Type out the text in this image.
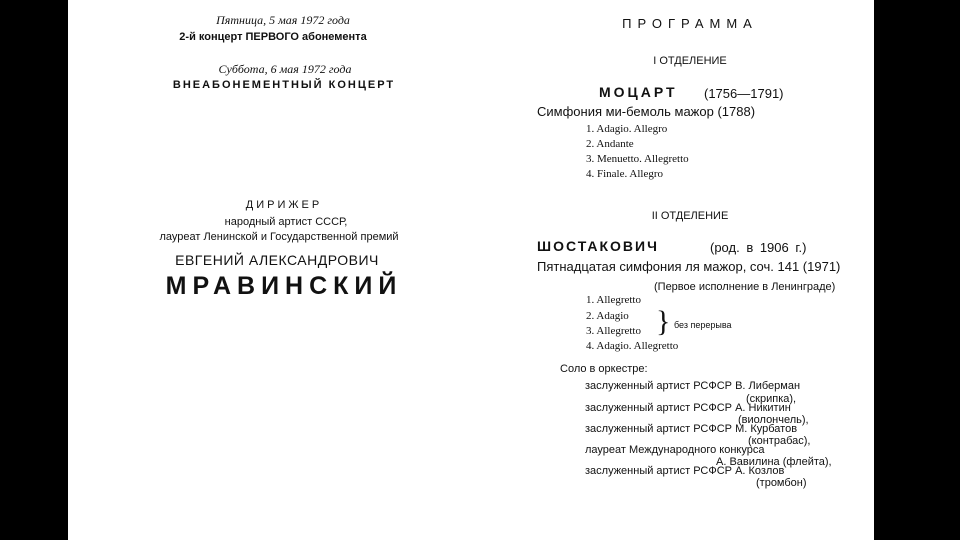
Пятница, 5 мая 1972 года
2-й концерт ПЕРВОГО абонемента
Суббота, 6 мая 1972 года
ВНЕАБОНЕМЕНТНЫЙ КОНЦЕРТ
ДИРИЖЕР
народный артист СССР,
лауреат Ленинской и Государственной премий
ЕВГЕНИЙ АЛЕКСАНДРОВИЧ
МРАВИНСКИЙ
ПРОГРАММА
I ОТДЕЛЕНИЕ
МОЦАРТ (1756—1791)
Симфония ми-бемоль мажор (1788)
1. Adagio. Allegro
2. Andante
3. Menuetto. Allegretto
4. Finale. Allegro
II ОТДЕЛЕНИЕ
ШОСТАКОВИЧ	(род. в 1906 г.)
Пятнадцатая симфония ля мажор, соч. 141 (1971)
(Первое исполнение в Ленинграде)
1. Allegretto
2. Adagio
3. Allegretto
4. Adagio. Allegretto
} без перерыва
Соло в оркестре:
заслуженный артист РСФСР В. Либерман
(скрипка),
заслуженный артист РСФСР А. Никитин
(виолончель),
заслуженный артист РСФСР М. Курбатов
(контрабас),
лауреат Международного конкурса
А. Вавилина (флейта),
заслуженный артист РСФСР А. Козлов
(тромбон)
